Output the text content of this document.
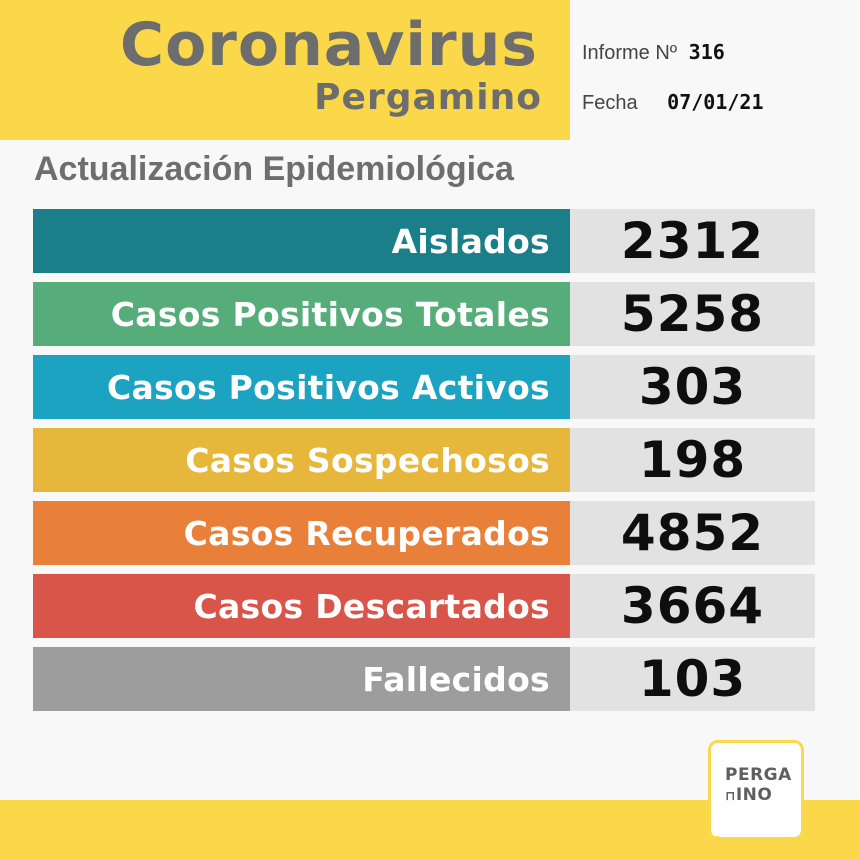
Coronavirus
Pergamino
Informe Nº 316
Fecha 07/01/21
Actualización Epidemiológica
Aislados	2312
Casos Positivos Totales	5258
Casos Positivos Activos	303
Casos Sospechosos	198
Casos Recuperados	4852
Casos Descartados	3664
Fallecidos	103
PERGA
⊓INO
